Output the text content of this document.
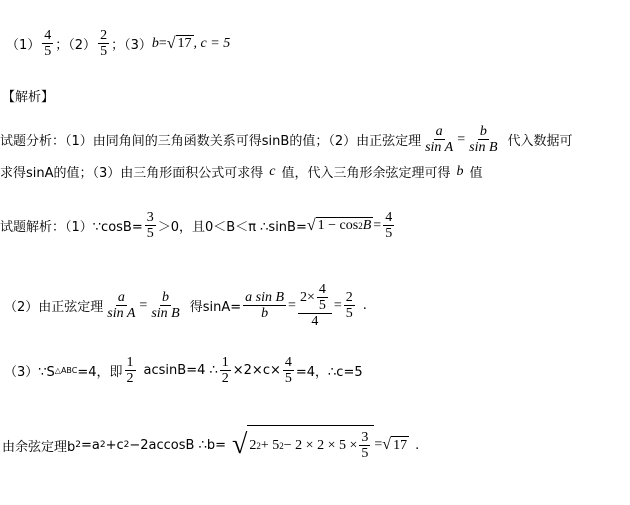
$(1) \frac{4}{5}$ ；$(2) \frac{2}{5}$ ；（3） b = √ 17 , c = 5
【解析】
试题分析：（1）由同角间的三角函数关系可得sinB的值；（2）由正弦定理 $\frac{a}{\text{sin A}} = \frac{b}{\text{sin B}}$ 代入数据可
求得sinA的值；（3）由三角形面积公式可求得 c 值，代入三角形余弦定理可得 b 值
试题解析：（1）∵cosB= $\frac{3}{5} >0$，且0＜B＜π ∴sinB= √ 1 − cos 2 $B = \frac{4}{5}$
（2）由正弦定理 $\frac{a}{\text{sin A}} = \frac{b}{\text{sin B}}$ 得$\sin A= \frac{\text{a sin B}}{b} = \frac{2\times \frac{4}{5}}{4} = \frac{2}{5}$ .
（3）∵S △ABC =4，即 $\frac{1}{2} acsinB=4$ ∴ $\frac{1}{2} \times 2\times c\times \frac{4}{5} =4$，∴c=5
由余弦定理b 2 =a 2 +c 2 −2accosB ∴b= √ 2 2 + 5 $2 - 2 \times 2 \times 5 \times \frac{3}{5}$ = √ 17 .
